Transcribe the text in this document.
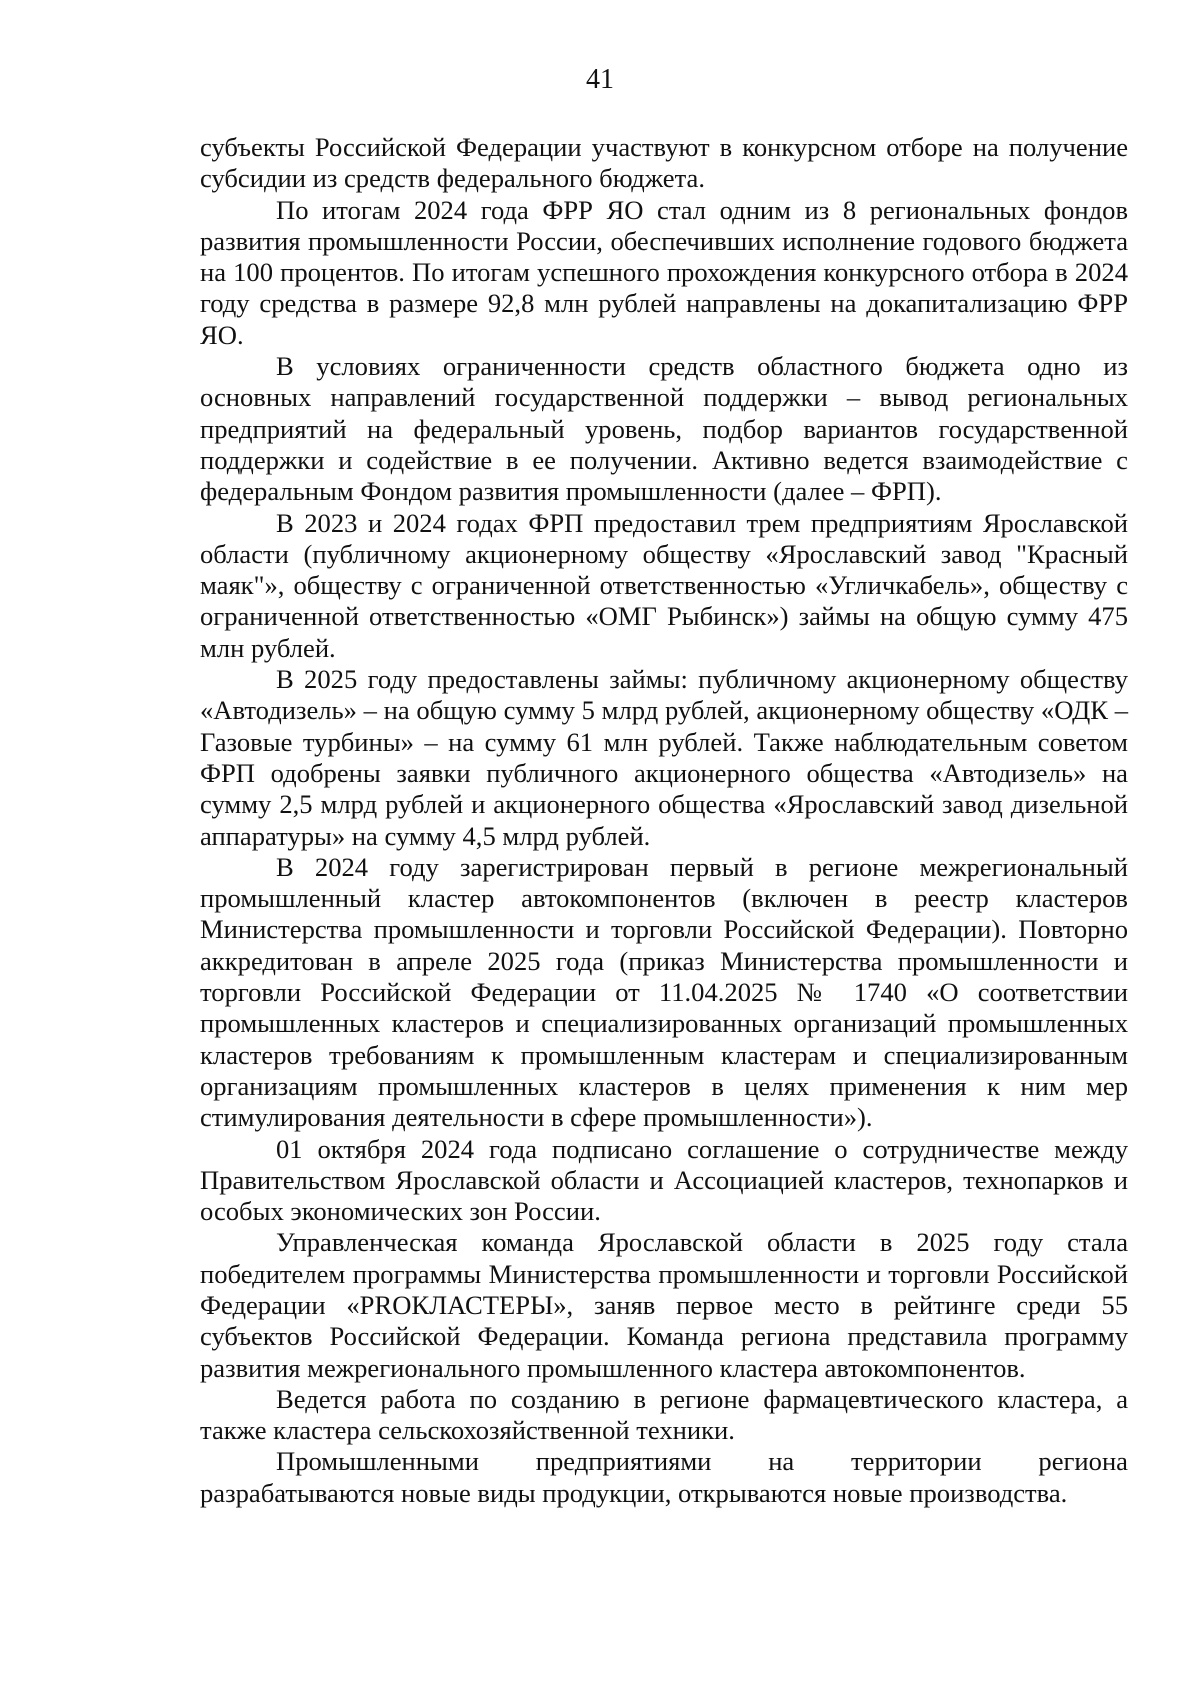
41

субъекты Российской Федерации участвуют в конкурсном отборе на получение субсидии из средств федерального бюджета.

По итогам 2024 года ФРР ЯО стал одним из 8 региональных фондов развития промышленности России, обеспечивших исполнение годового бюджета на 100 процентов. По итогам успешного прохождения конкурсного отбора в 2024 году средства в размере 92,8 млн рублей направлены на докапитализацию ФРР ЯО.

В условиях ограниченности средств областного бюджета одно из основных направлений государственной поддержки – вывод региональных предприятий на федеральный уровень, подбор вариантов государственной поддержки и содействие в ее получении. Активно ведется взаимодействие с федеральным Фондом развития промышленности (далее – ФРП).

В 2023 и 2024 годах ФРП предоставил трем предприятиям Ярославской области (публичному акционерному обществу «Ярославский завод "Красный маяк"», обществу с ограниченной ответственностью «Угличкабель», обществу с ограниченной ответственностью «ОМГ Рыбинск») займы на общую сумму 475 млн рублей.

В 2025 году предоставлены займы: публичному акционерному обществу «Автодизель» – на общую сумму 5 млрд рублей, акционерному обществу «ОДК – Газовые турбины» – на сумму 61 млн рублей. Также наблюдательным советом ФРП одобрены заявки публичного акционерного общества «Автодизель» на сумму 2,5 млрд рублей и акционерного общества «Ярославский завод дизельной аппаратуры» на сумму 4,5 млрд рублей.

В 2024 году зарегистрирован первый в регионе межрегиональный промышленный кластер автокомпонентов (включен в реестр кластеров Министерства промышленности и торговли Российской Федерации). Повторно аккредитован в апреле 2025 года (приказ Министерства промышленности и торговли Российской Федерации от 11.04.2025 № 1740 «О соответствии промышленных кластеров и специализированных организаций промышленных кластеров требованиям к промышленным кластерам и специализированным организациям промышленных кластеров в целях применения к ним мер стимулирования деятельности в сфере промышленности»).

01 октября 2024 года подписано соглашение о сотрудничестве между Правительством Ярославской области и Ассоциацией кластеров, технопарков и особых экономических зон России.

Управленческая команда Ярославской области в 2025 году стала победителем программы Министерства промышленности и торговли Российской Федерации «PROКЛАСТЕРЫ», заняв первое место в рейтинге среди 55 субъектов Российской Федерации. Команда региона представила программу развития межрегионального промышленного кластера автокомпонентов.

Ведется работа по созданию в регионе фармацевтического кластера, а также кластера сельскохозяйственной техники.

Промышленными предприятиями на территории региона разрабатываются новые виды продукции, открываются новые производства.
